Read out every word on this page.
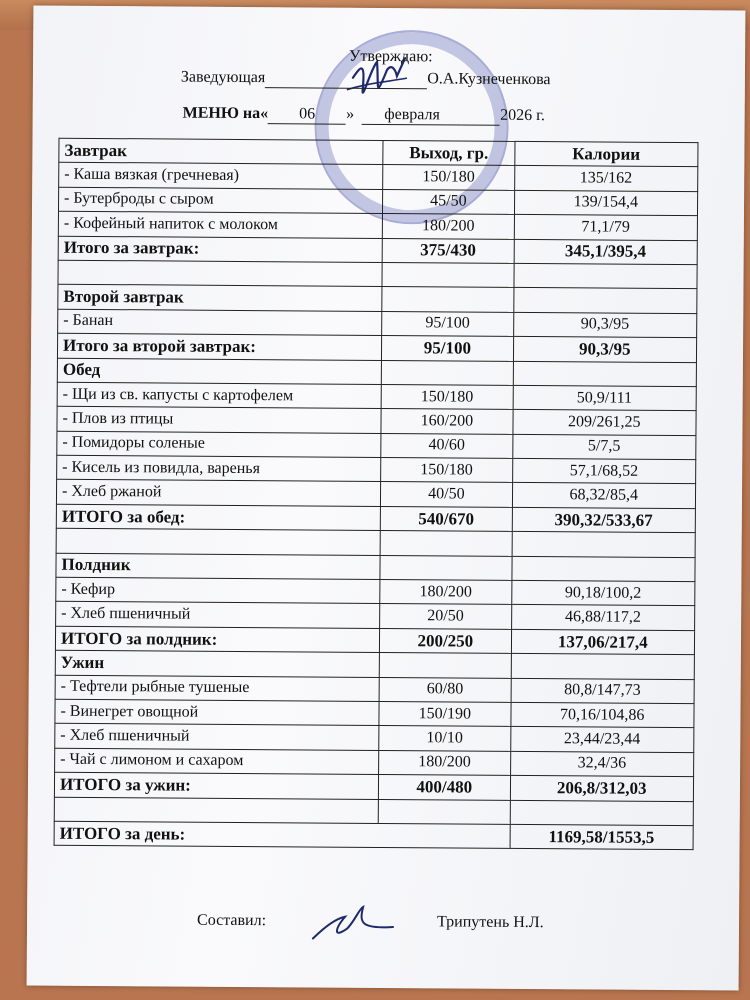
Утверждаю:
Заведующая	О.А.Кузнеченкова
МЕНЮ на« 06 » февраля	2026 г.
Завтрак	Выход, гр.	Калории
- Каша вязкая (гречневая)	150/180	135/162
- Бутерброды с сыром	45/50	139/154,4
- Кофейный напиток с молоком	180/200	71,1/79
Итого за завтрак:	375/430	345,1/395,4

Второй завтрак		
- Банан	95/100	90,3/95
Итого за второй завтрак:	95/100	90,3/95
Обед		
- Щи из св. капусты с картофелем	150/180	50,9/111
- Плов из птицы	160/200	209/261,25
- Помидоры соленые	40/60	5/7,5
- Кисель из повидла, варенья	150/180	57,1/68,52
- Хлеб ржаной	40/50	68,32/85,4
ИТОГО за обед:	540/670	390,32/533,67

Полдник		
- Кефир	180/200	90,18/100,2
- Хлеб пшеничный	20/50	46,88/117,2
ИТОГО за полдник:	200/250	137,06/217,4
Ужин		
- Тефтели рыбные тушеные	60/80	80,8/147,73
- Винегрет овощной	150/190	70,16/104,86
- Хлеб пшеничный	10/10	23,44/23,44
- Чай с лимоном и сахаром	180/200	32,4/36
ИТОГО за ужин:	400/480	206,8/312,03

ИТОГО за день:		1169,58/1553,5
Составил:	Трипутень Н.Л.
